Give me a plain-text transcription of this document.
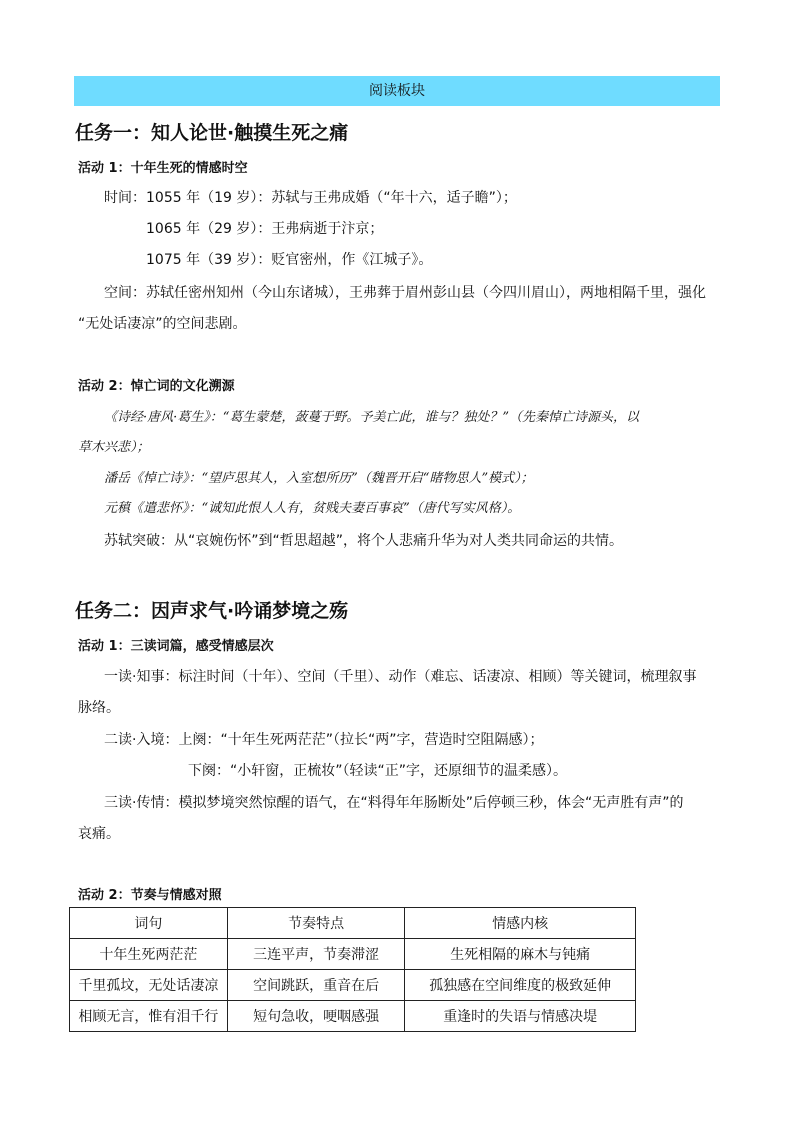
阅读板块
任务一：知人论世·触摸生死之痛
活动 1：十年生死的情感时空
时间：1055 年（19 岁）：苏轼与王弗成婚（“年十六，适子瞻”）；
1065 年（29 岁）：王弗病逝于汴京；
1075 年（39 岁）：贬官密州，作《江城子》。
空间：苏轼任密州知州（今山东诸城），王弗葬于眉州彭山县（今四川眉山），两地相隔千里，强化
“无处话凄凉”的空间悲剧。
活动 2：悼亡词的文化溯源
《诗经·唐风·葛生》：“葛生蒙楚，蔹蔓于野。予美亡此，谁与？独处？”（先秦悼亡诗源头，以
草木兴悲）；
潘岳《悼亡诗》：“望庐思其人，入室想所历”（魏晋开启“睹物思人”模式）；
元稹《遣悲怀》：“诚知此恨人人有，贫贱夫妻百事哀”（唐代写实风格）。
苏轼突破：从“哀婉伤怀”到“哲思超越”，将个人悲痛升华为对人类共同命运的共情。
任务二：因声求气·吟诵梦境之殇
活动 1：三读词篇，感受情感层次
一读·知事：标注时间（十年）、空间（千里）、动作（难忘、话凄凉、相顾）等关键词，梳理叙事
脉络。
二读·入境：上阕：“十年生死两茫茫”（拉长“两”字，营造时空阻隔感）；
下阕：“小轩窗，正梳妆”（轻读“正”字，还原细节的温柔感）。
三读·传情：模拟梦境突然惊醒的语气，在“料得年年肠断处”后停顿三秒，体会“无声胜有声”的
哀痛。
活动 2：节奏与情感对照
词句	节奏特点	情感内核
十年生死两茫茫	三连平声，节奏滞涩	生死相隔的麻木与钝痛
千里孤坟，无处话凄凉	空间跳跃，重音在后	孤独感在空间维度的极致延伸
相顾无言，惟有泪千行	短句急收，哽咽感强	重逢时的失语与情感决堤
